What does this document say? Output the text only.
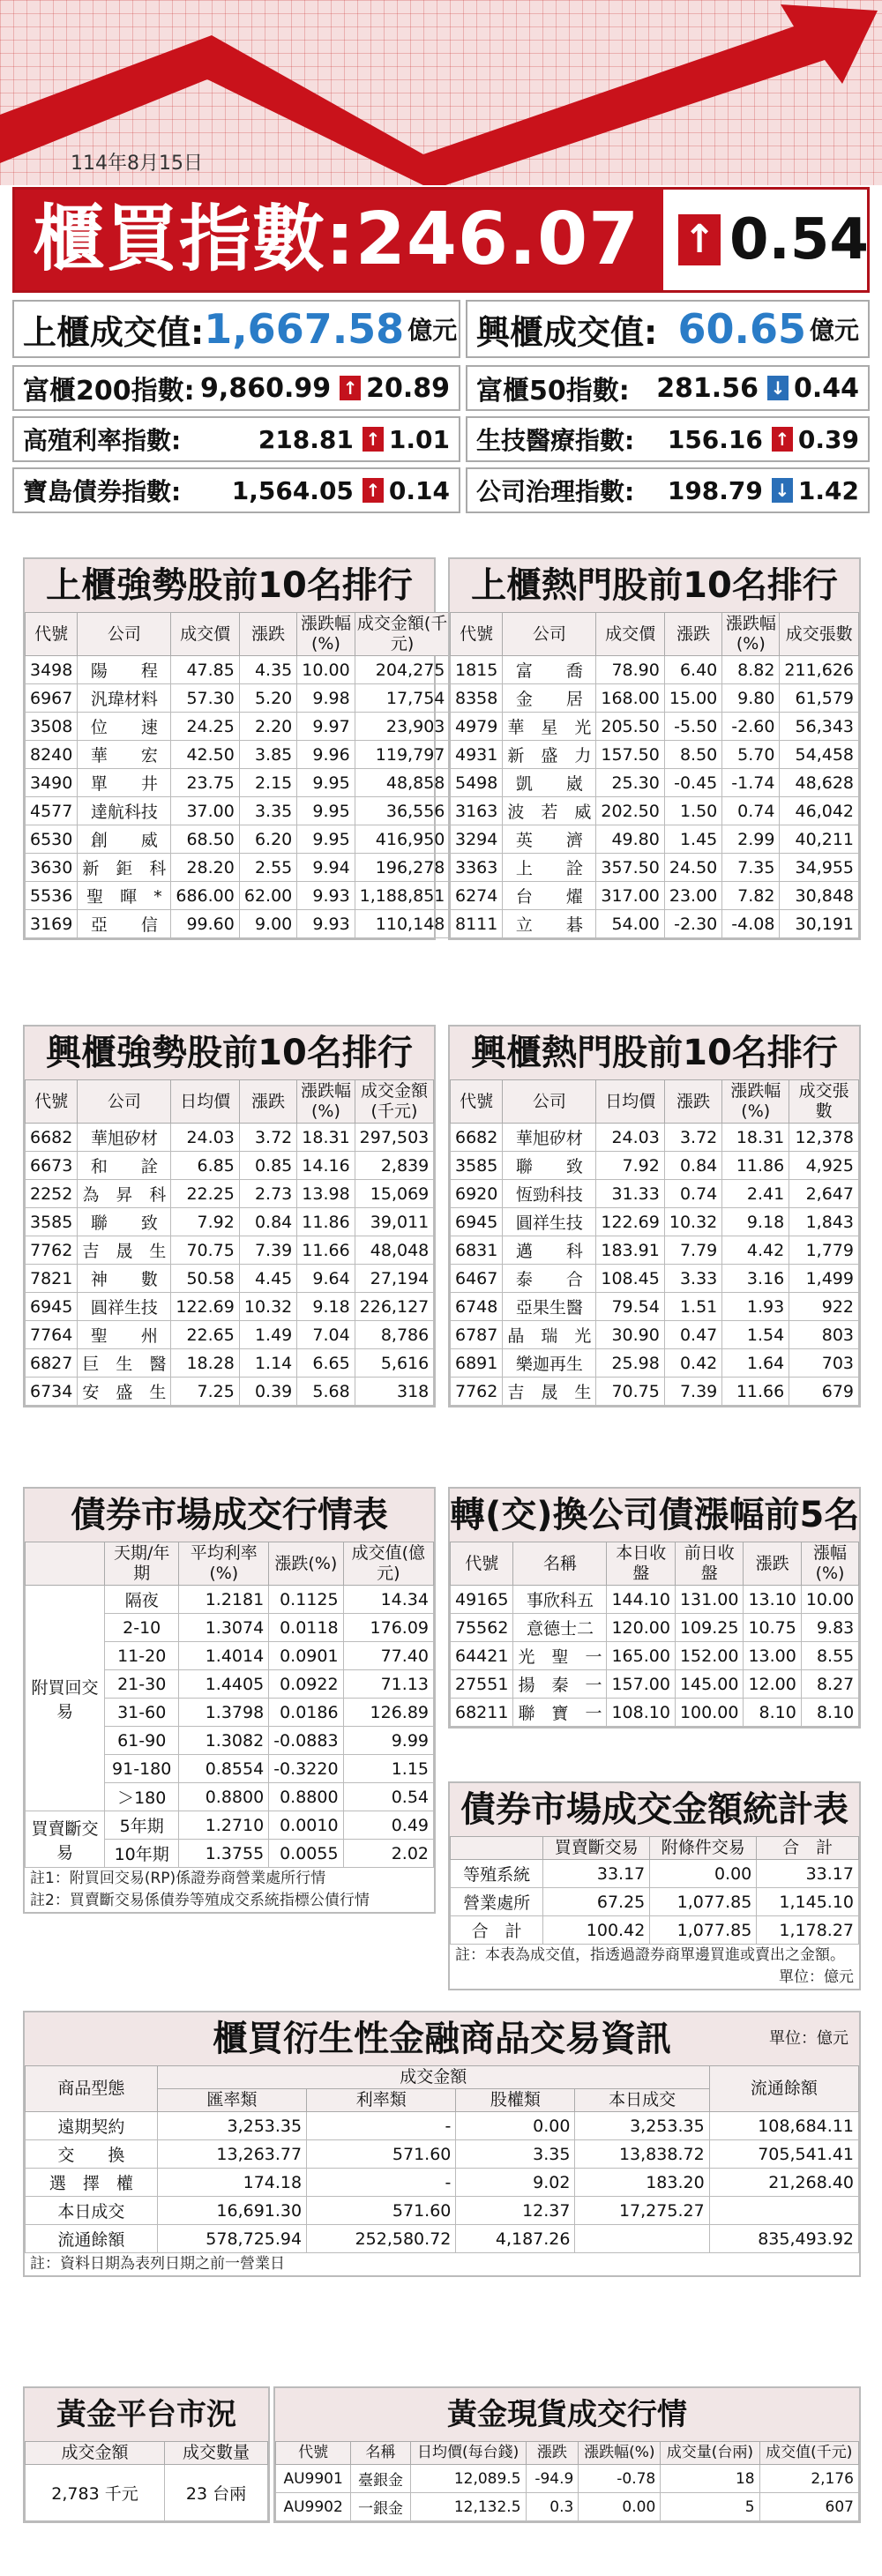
114年8月15日
櫃買指數:246.07	↑ 0.54
上櫃成交值: 1,667.58 億元 興櫃成交值: 60.65 億元
富櫃200指數: 9,860.99 ↑ 20.89 富櫃50指數: 281.56 ↓ 0.44
高殖利率指數:	218.81 ↑ 1.01 生技醫療指數: 156.16 ↑ 0.39
寶島債券指數: 1,564.05 ↑ 0.14 公司治理指數: 198.79 ↓ 1.42
上櫃強勢股前10名排行
代號	公司	成交價	漲跌	漲跌幅(%)	成交金額(千元)
3498	陽　　程	47.85	4.35	10.00	204,275
6967	汎瑋材料	57.30	5.20	9.98	17,754
3508	位　　速	24.25	2.20	9.97	23,903
8240	華　　宏	42.50	3.85	9.96	119,797
3490	單　　井	23.75	2.15	9.95	48,858
4577	達航科技	37.00	3.35	9.95	36,556
6530	創　　威	68.50	6.20	9.95	416,950
3630	新　鉅　科	28.20	2.55	9.94	196,278
5536	聖　暉　*	686.00	62.00	9.93	1,188,851
3169	亞　　信	99.60	9.00	9.93	110,148
上櫃熱門股前10名排行
代號	公司	成交價	漲跌	漲跌幅(%)	成交張數
1815	富　　喬	78.90	6.40	8.82	211,626
8358	金　　居	168.00	15.00	9.80	61,579
4979	華　星　光	205.50	-5.50	-2.60	56,343
4931	新　盛　力	157.50	8.50	5.70	54,458
5498	凱　　崴	25.30	-0.45	-1.74	48,628
3163	波　若　威	202.50	1.50	0.74	46,042
3294	英　　濟	49.80	1.45	2.99	40,211
3363	上　　詮	357.50	24.50	7.35	34,955
6274	台　　燿	317.00	23.00	7.82	30,848
8111	立　　碁	54.00	-2.30	-4.08	30,191
興櫃強勢股前10名排行
代號	公司	日均價	漲跌	漲跌幅(%)	成交金額(千元)
6682	華旭矽材	24.03	3.72	18.31	297,503
6673	和　　詮	6.85	0.85	14.16	2,839
2252	為　昇　科	22.25	2.73	13.98	15,069
3585	聯　　致	7.92	0.84	11.86	39,011
7762	吉　晟　生	70.75	7.39	11.66	48,048
7821	神　　數	50.58	4.45	9.64	27,194
6945	圓祥生技	122.69	10.32	9.18	226,127
7764	聖　　州	22.65	1.49	7.04	8,786
6827	巨　生　醫	18.28	1.14	6.65	5,616
6734	安　盛　生	7.25	0.39	5.68	318
興櫃熱門股前10名排行
代號	公司	日均價	漲跌	漲跌幅(%)	成交張數
6682	華旭矽材	24.03	3.72	18.31	12,378
3585	聯　　致	7.92	0.84	11.86	4,925
6920	恆勁科技	31.33	0.74	2.41	2,647
6945	圓祥生技	122.69	10.32	9.18	1,843
6831	邁　　科	183.91	7.79	4.42	1,779
6467	泰　　合	108.45	3.33	3.16	1,499
6748	亞果生醫	79.54	1.51	1.93	922
6787	晶　瑞　光	30.90	0.47	1.54	803
6891	樂迦再生	25.98	0.42	1.64	703
7762	吉　晟　生	70.75	7.39	11.66	679
債券市場成交行情表
	天期/年期	平均利率(%)	漲跌(%)	成交值(億元)
附買回交易	隔夜	1.2181	0.1125	14.34
	2-10	1.3074	0.0118	176.09
	11-20	1.4014	0.0901	77.40
	21-30	1.4405	0.0922	71.13
	31-60	1.3798	0.0186	126.89
	61-90	1.3082	-0.0883	9.99
	91-180	0.8554	-0.3220	1.15
	＞180	0.8800	0.8800	0.54
買賣斷交易	5年期	1.2710	0.0010	0.49
	10年期	1.3755	0.0055	2.02
註1：附買回交易(RP)係證券商營業處所行情
註2：買賣斷交易係債券等殖成交系統指標公債行情
轉(交)換公司債漲幅前5名
代號	名稱	本日收盤	前日收盤	漲跌	漲幅(%)
49165	事欣科五	144.10	131.00	13.10	10.00
75562	意德士二	120.00	109.25	10.75	9.83
64421	光　聖　一	165.00	152.00	13.00	8.55
27551	揚　秦　一	157.00	145.00	12.00	8.27
68211	聯　寶　一	108.10	100.00	8.10	8.10
債券市場成交金額統計表
	買賣斷交易	附條件交易	合　計
等殖系統	33.17	0.00	33.17
營業處所	67.25	1,077.85	1,145.10
合　計	100.42	1,077.85	1,178.27
註：本表為成交值，指透過證券商單邊買進或賣出之金額。
單位：億元
櫃買衍生性金融商品交易資訊	單位：億元
商品型態	成交金額				流通餘額
	匯率類	利率類	股權類	本日成交	
遠期契約	3,253.35	-	0.00	3,253.35	108,684.11
交　　換	13,263.77	571.60	3.35	13,838.72	705,541.41
選　擇　權	174.18	-	9.02	183.20	21,268.40
本日成交	16,691.30	571.60	12.37	17,275.27	
流通餘額	578,725.94	252,580.72	4,187.26		835,493.92
註：資料日期為表列日期之前一營業日
黃金平台市況
成交金額	成交數量
2,783 千元	23 台兩
黃金現貨成交行情
代號	名稱	日均價(每台錢)	漲跌	漲跌幅(%)	成交量(台兩)	成交值(千元)
AU9901	臺銀金	12,089.5	-94.9	-0.78	18	2,176
AU9902	一銀金	12,132.5	0.3	0.00	5	607
